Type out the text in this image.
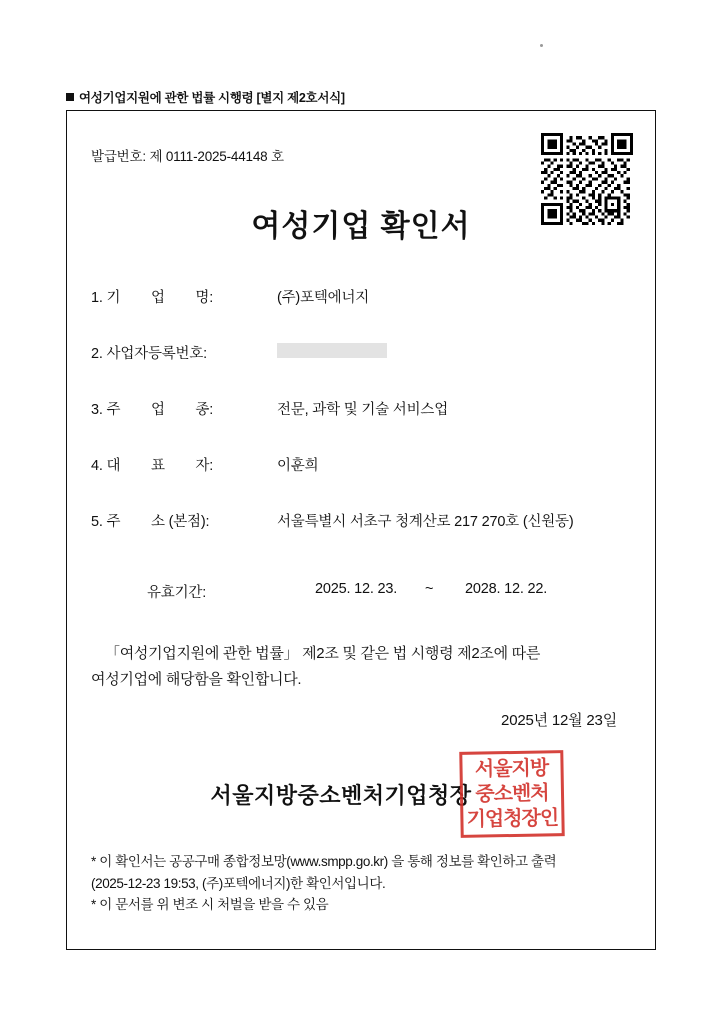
여성기업지원에 관한 법률 시행령 [별지 제2호서식]
발급번호: 제 0111-2025-44148 호
여성기업 확인서
1. 기        업        명:	(주)포텍에너지
2. 사업자등록번호:
3. 주        업        종:	전문, 과학 및 기술 서비스업
4. 대        표        자:	이훈희
5. 주        소 (본점):	서울특별시 서초구 청계산로 217 270호 (신원동)
유효기간:	2025. 12. 23. ~ 2028. 12. 22.
「여성기업지원에 관한 법률」 제2조 및 같은 법 시행령 제2조에 따른
여성기업에 해당함을 확인합니다.
2025년 12월 23일
서울지방중소벤처기업청장
서울지방
중소벤처
기업청장인

* 이 확인서는 공공구매 종합정보망(www.smpp.go.kr) 을 통해 정보를 확인하고 출력

(2025-12-23 19:53, (주)포텍에너지)한 확인서입니다.

* 이 문서를 위 변조 시 처벌을 받을 수 있음
